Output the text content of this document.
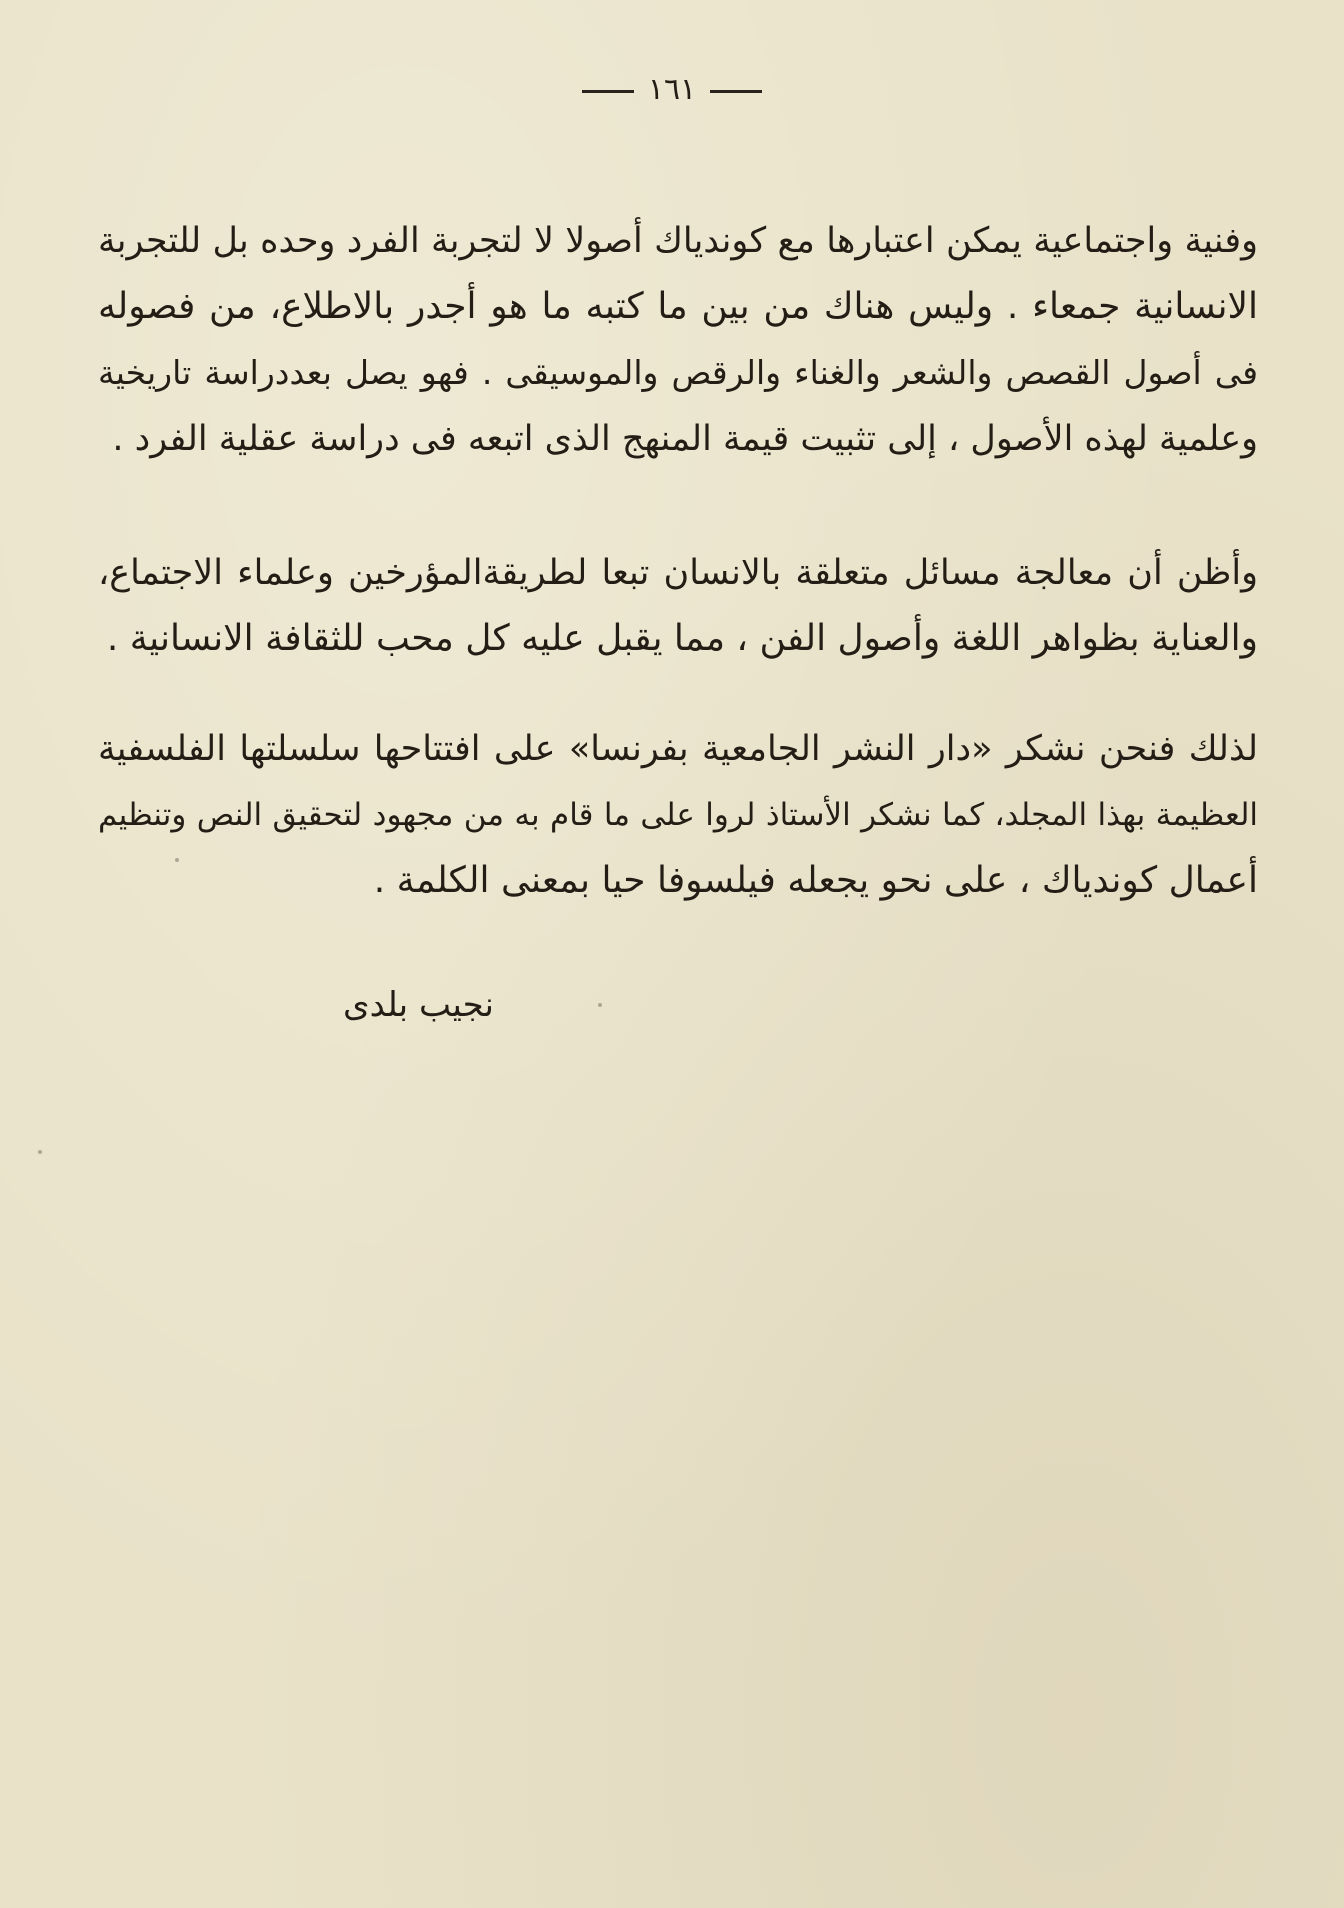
١٦١
وفنية واجتماعية يمكن اعتبارها مع كوندياك أصولا لا لتجربة الفرد وحده بل للتجربة
الانسانية جمعاء . وليس هناك من بين ما كتبه ما هو أجدر بالاطلاع، من فصوله
فى أصول القصص والشعر والغناء والرقص والموسيقى . فهو يصل بعددراسة تاريخية
وعلمية لهذه الأصول ، إلى تثبيت قيمة المنهج الذى اتبعه فى دراسة عقلية الفرد .
وأظن أن معالجة مسائل متعلقة بالانسان تبعا لطريقةالمؤرخين وعلماء الاجتماع،
والعناية بظواهر اللغة وأصول الفن ، مما يقبل عليه كل محب للثقافة الانسانية .
لذلك فنحن نشكر «دار النشر الجامعية بفرنسا» على افتتاحها سلسلتها الفلسفية
العظيمة بهذا المجلد، كما نشكر الأستاذ لروا على ما قام به من مجهود لتحقيق النص وتنظيم
أعمال كوندياك ، على نحو يجعله فيلسوفا حيا بمعنى الكلمة .
نجيب بلدى
